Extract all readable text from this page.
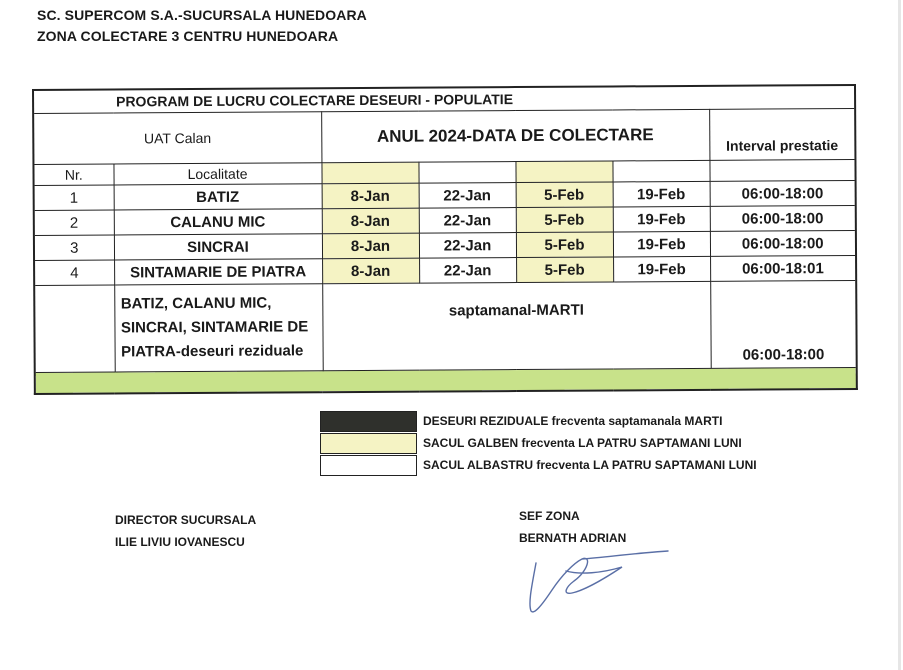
SC. SUPERCOM S.A.-SUCURSALA HUNEDOARA
ZONA COLECTARE 3 CENTRU HUNEDOARA
PROGRAM DE LUCRU COLECTARE DESEURI - POPULATIE						
UAT Calan		ANUL 2024-DATA DE COLECTARE				Interval prestatie
Nr.	Localitate					
1	BATIZ	8-Jan	22-Jan	5-Feb	19-Feb	06:00-18:00
2	CALANU MIC	8-Jan	22-Jan	5-Feb	19-Feb	06:00-18:00
3	SINCRAI	8-Jan	22-Jan	5-Feb	19-Feb	06:00-18:00
4	SINTAMARIE DE PIATRA	8-Jan	22-Jan	5-Feb	19-Feb	06:00-18:01
	BATIZ, CALANU MIC, SINCRAI, SINTAMARIE DE PIATRA-deseuri reziduale	saptamanal-MARTI				06:00-18:00

DESEURI REZIDUALE frecventa saptamanala MARTI
SACUL GALBEN frecventa LA PATRU SAPTAMANI LUNI
SACUL ALBASTRU frecventa LA PATRU SAPTAMANI LUNI
DIRECTOR SUCURSALA
ILIE LIVIU IOVANESCU
SEF ZONA
BERNATH ADRIAN
